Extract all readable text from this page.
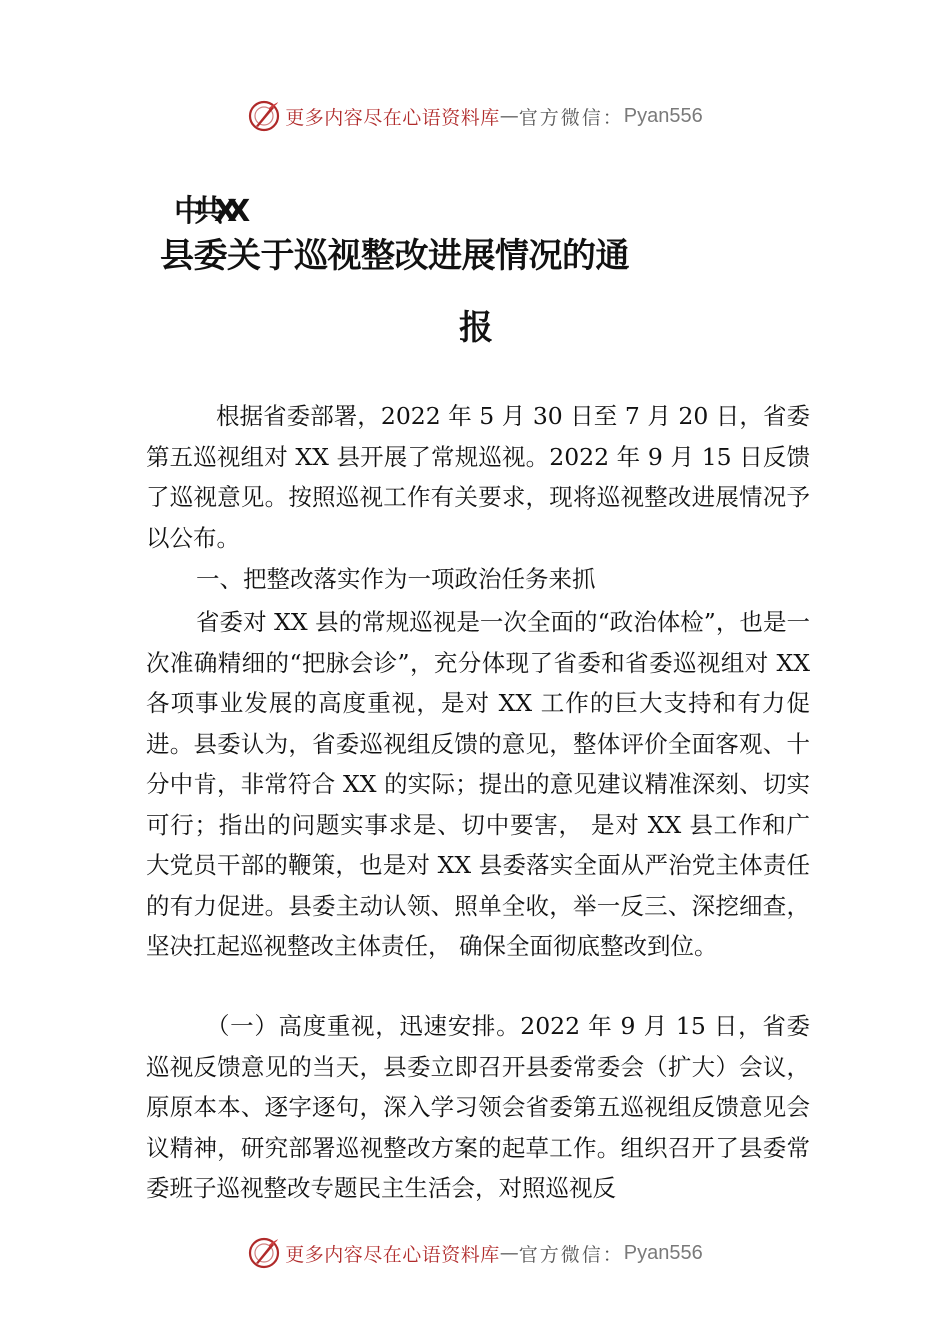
更多内容尽在心语资料库 — 官方微信： Pyan556
中共XX
县委关于巡视整改进展情况的通
报

根据省委部署，2022 年 5 月 30 日至 7 月 20 日，省委第五巡视组对 XX 县开展了常规巡视。2022 年 9 月 15 日反馈了巡视意见。按照巡视工作有关要求，现将巡视整改进展情况予以公布。

一、把整改落实作为一项政治任务来抓

省委对 XX 县的常规巡视是一次全面的“政治体检”，也是一次准确精细的“把脉会诊”，充分体现了省委和省委巡视组对 XX 各项事业发展的高度重视，是对 XX 工作的巨大支持和有力促进。县委认为，省委巡视组反馈的意见，整体评价全面客观、十分中肯，非常符合 XX 的实际；提出的意见建议精准深刻、切实可行；指出的问题实事求是、切中要害， 是对 XX 县工作和广大党员干部的鞭策，也是对 XX 县委落实全面从严治党主体责任的有力促进。县委主动认领、照单全收，举一反三、深挖细查，坚决扛起巡视整改主体责任， 确保全面彻底整改到位。

（一）高度重视，迅速安排。2022 年 9 月 15 日，省委巡视反馈意见的当天，县委立即召开县委常委会（扩大）会议，原原本本、逐字逐句，深入学习领会省委第五巡视组反馈意见会议精神，研究部署巡视整改方案的起草工作。组织召开了县委常委班子巡视整改专题民主生活会，对照巡视反

更多内容尽在心语资料库 — 官方微信： Pyan556
